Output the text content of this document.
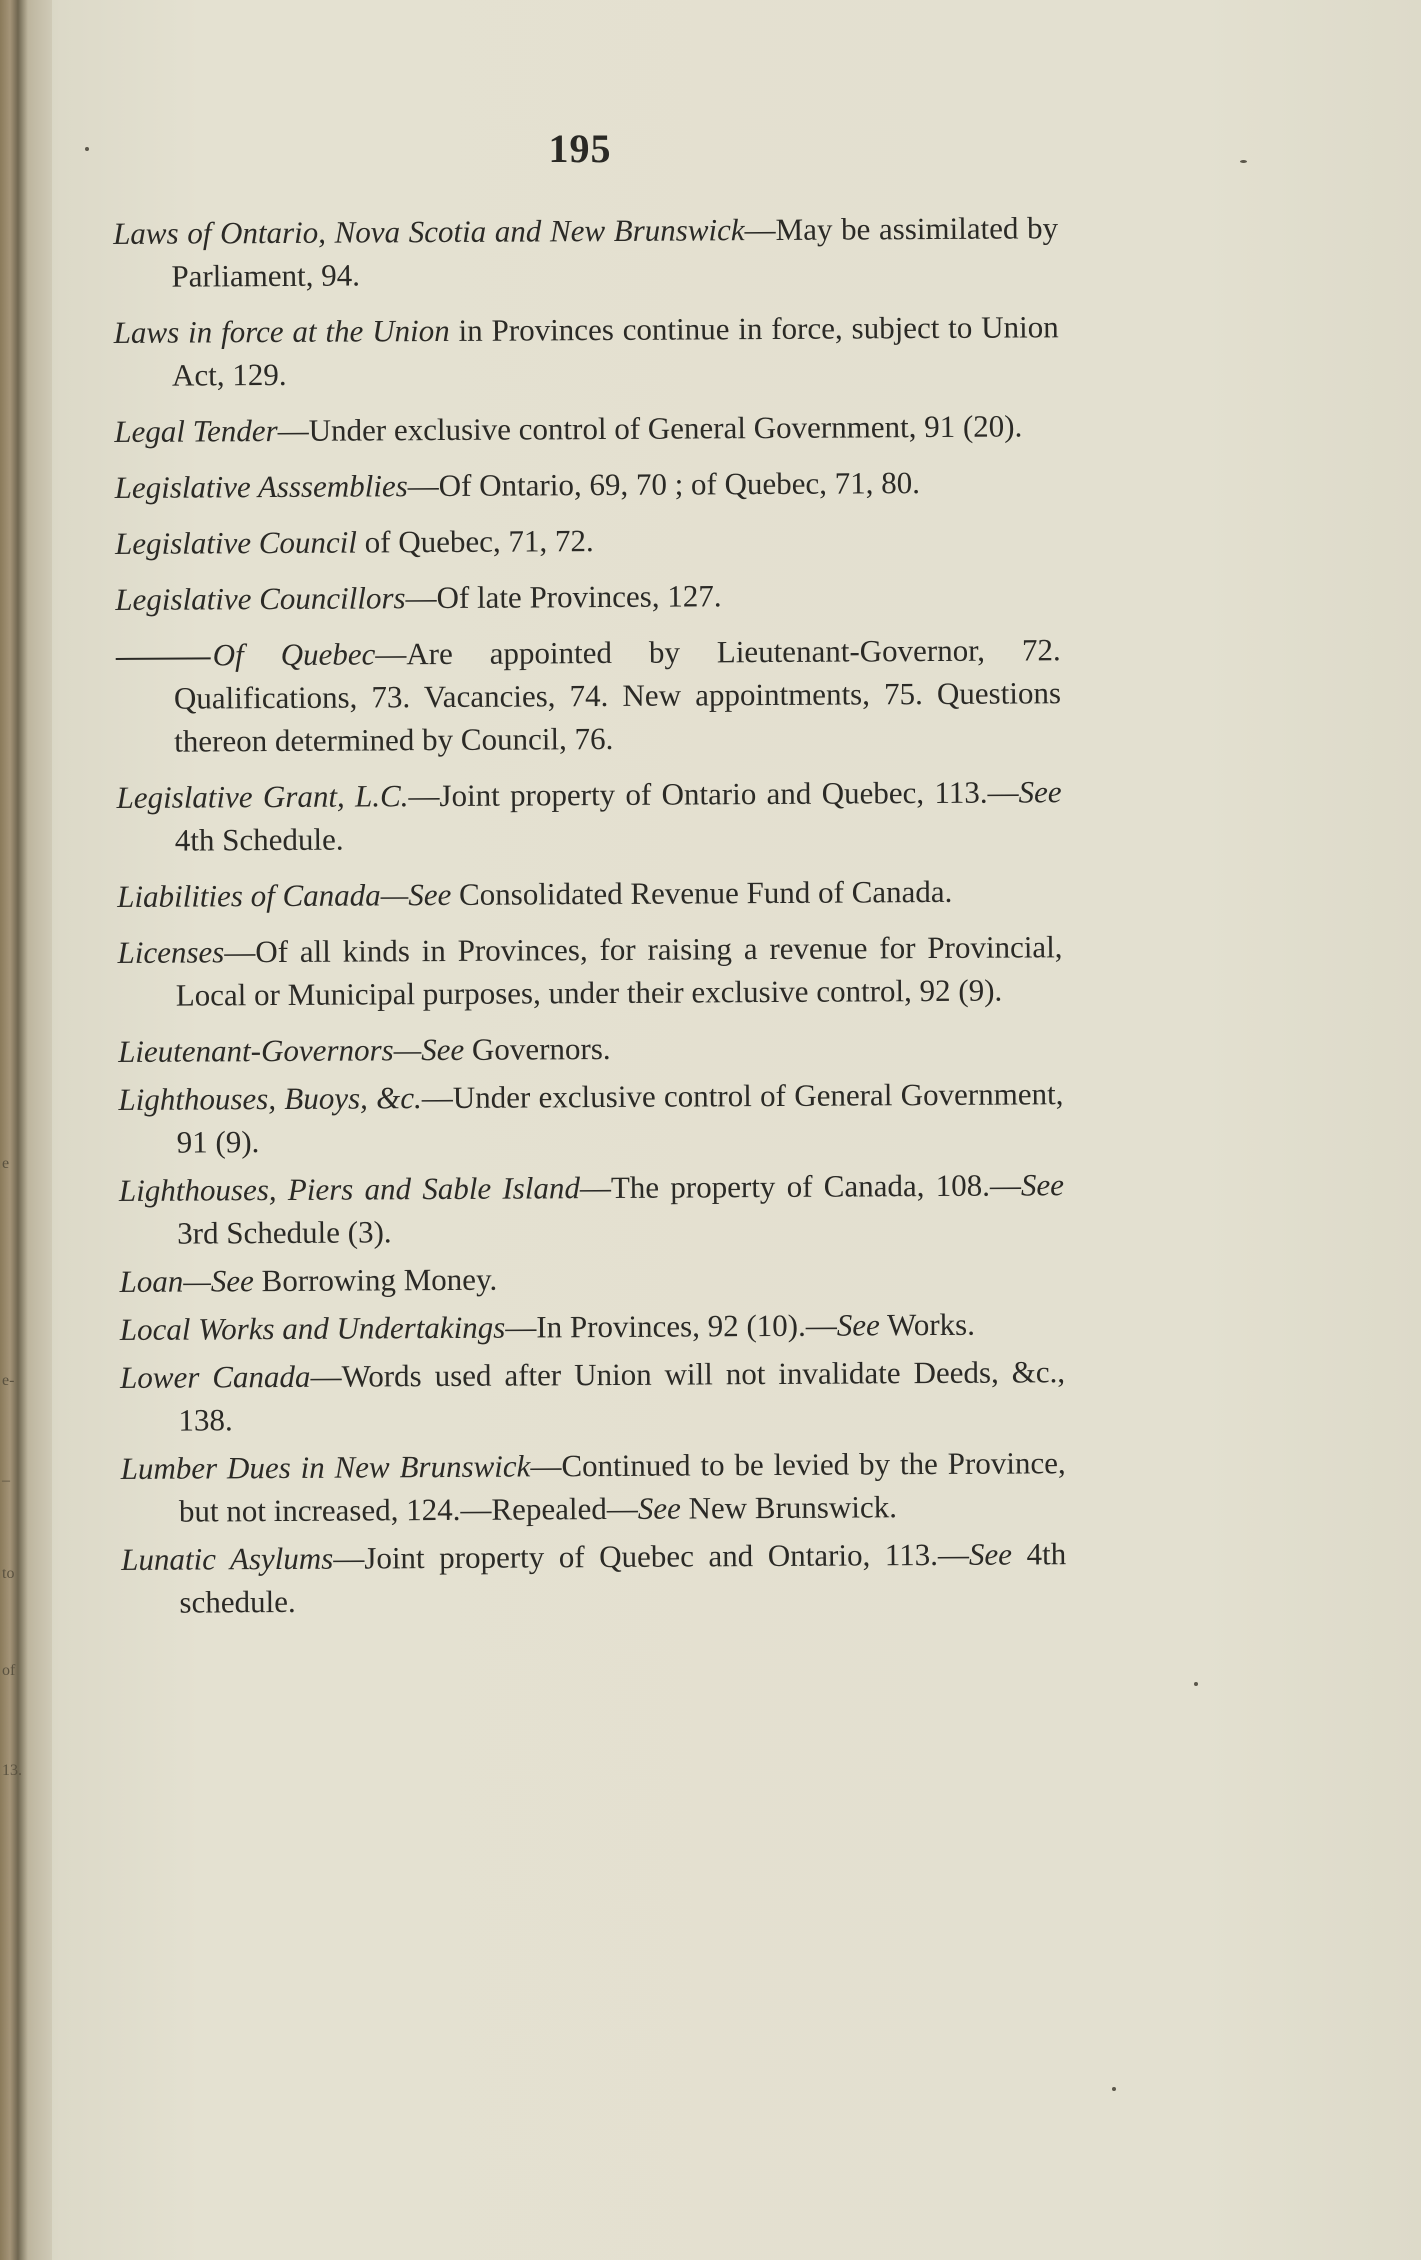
e
e-
–
to
of
13.
195

Laws of Ontario, Nova Scotia and New Brunswick—May be assimilated by Parliament, 94.

Laws in force at the Union in Provinces continue in force, subject to Union Act, 129.

Legal Tender—Under exclusive control of General Government, 91 (20).

Legislative Asssemblies—Of Ontario, 69, 70 ; of Quebec, 71, 80.

Legislative Council of Quebec, 71, 72.

Legislative Councillors—Of late Provinces, 127.

Of Quebec—Are appointed by Lieutenant-Governor, 72. Qualifications, 73. Vacancies, 74. New appointments, 75. Questions thereon determined by Council, 76.

Legislative Grant, L.C.—Joint property of Ontario and Quebec, 113.—See 4th Schedule.

Liabilities of Canada—See Consolidated Revenue Fund of Canada.

Licenses—Of all kinds in Provinces, for raising a revenue for Provincial, Local or Municipal purposes, under their exclusive control, 92 (9).

Lieutenant-Governors—See Governors.

Lighthouses, Buoys, &c.—Under exclusive control of General Government, 91 (9).

Lighthouses, Piers and Sable Island—The property of Canada, 108.—See 3rd Schedule (3).

Loan—See Borrowing Money.

Local Works and Undertakings—In Provinces, 92 (10).—See Works.

Lower Canada—Words used after Union will not invalidate Deeds, &c., 138.

Lumber Dues in New Brunswick—Continued to be levied by the Province, but not increased, 124.—Repealed—See New Brunswick.

Lunatic Asylums—Joint property of Quebec and Ontario, 113.—See 4th schedule.
